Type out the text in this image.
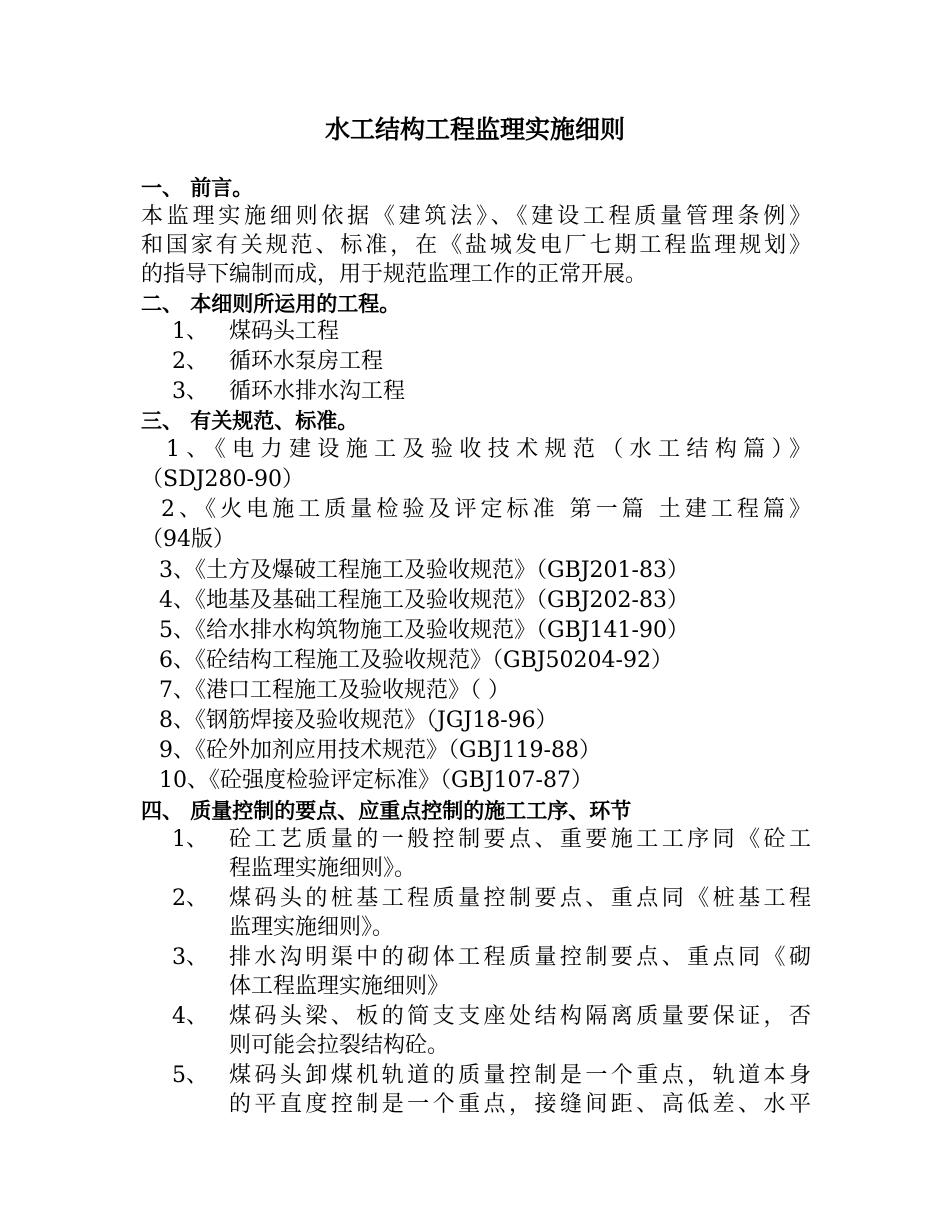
水工结构工程监理实施细则
一、 前言。
本监理实施细则依据《建筑法》、《建设工程质量管理条例》
和国家有关规范、标准，在《盐城发电厂七期工程监理规划》
的指导下编制而成，用于规范监理工作的正常开展。
二、 本细则所运用的工程。
1、 煤码头工程
2、 循环水泵房工程
3、 循环水排水沟工程
三、 有关规范、标准。
1、《电力建设施工及验收技术规范（水工结构篇）》
（SDJ280-90）
2、《火电施工质量检验及评定标准 第一篇 土建工程篇》
（94版）
3、《土方及爆破工程施工及验收规范》（GBJ201-83）
4、《地基及基础工程施工及验收规范》（GBJ202-83）
5、《给水排水构筑物施工及验收规范》（GBJ141-90）
6、《砼结构工程施工及验收规范》（GBJ50204-92）
7、《港口工程施工及验收规范》（ ）
8、《钢筋焊接及验收规范》（JGJ18-96）
9、《砼外加剂应用技术规范》（GBJ119-88）
10、《砼强度检验评定标准》（GBJ107-87）
四、 质量控制的要点、应重点控制的施工工序、环节
1、 砼工艺质量的一般控制要点、重要施工工序同《砼工
程监理实施细则》。
2、 煤码头的桩基工程质量控制要点、重点同《桩基工程
监理实施细则》。
3、 排水沟明渠中的砌体工程质量控制要点、重点同《砌
体工程监理实施细则》
4、 煤码头梁、板的简支支座处结构隔离质量要保证，否
则可能会拉裂结构砼。
5、 煤码头卸煤机轨道的质量控制是一个重点，轨道本身
的平直度控制是一个重点，接缝间距、高低差、水平
